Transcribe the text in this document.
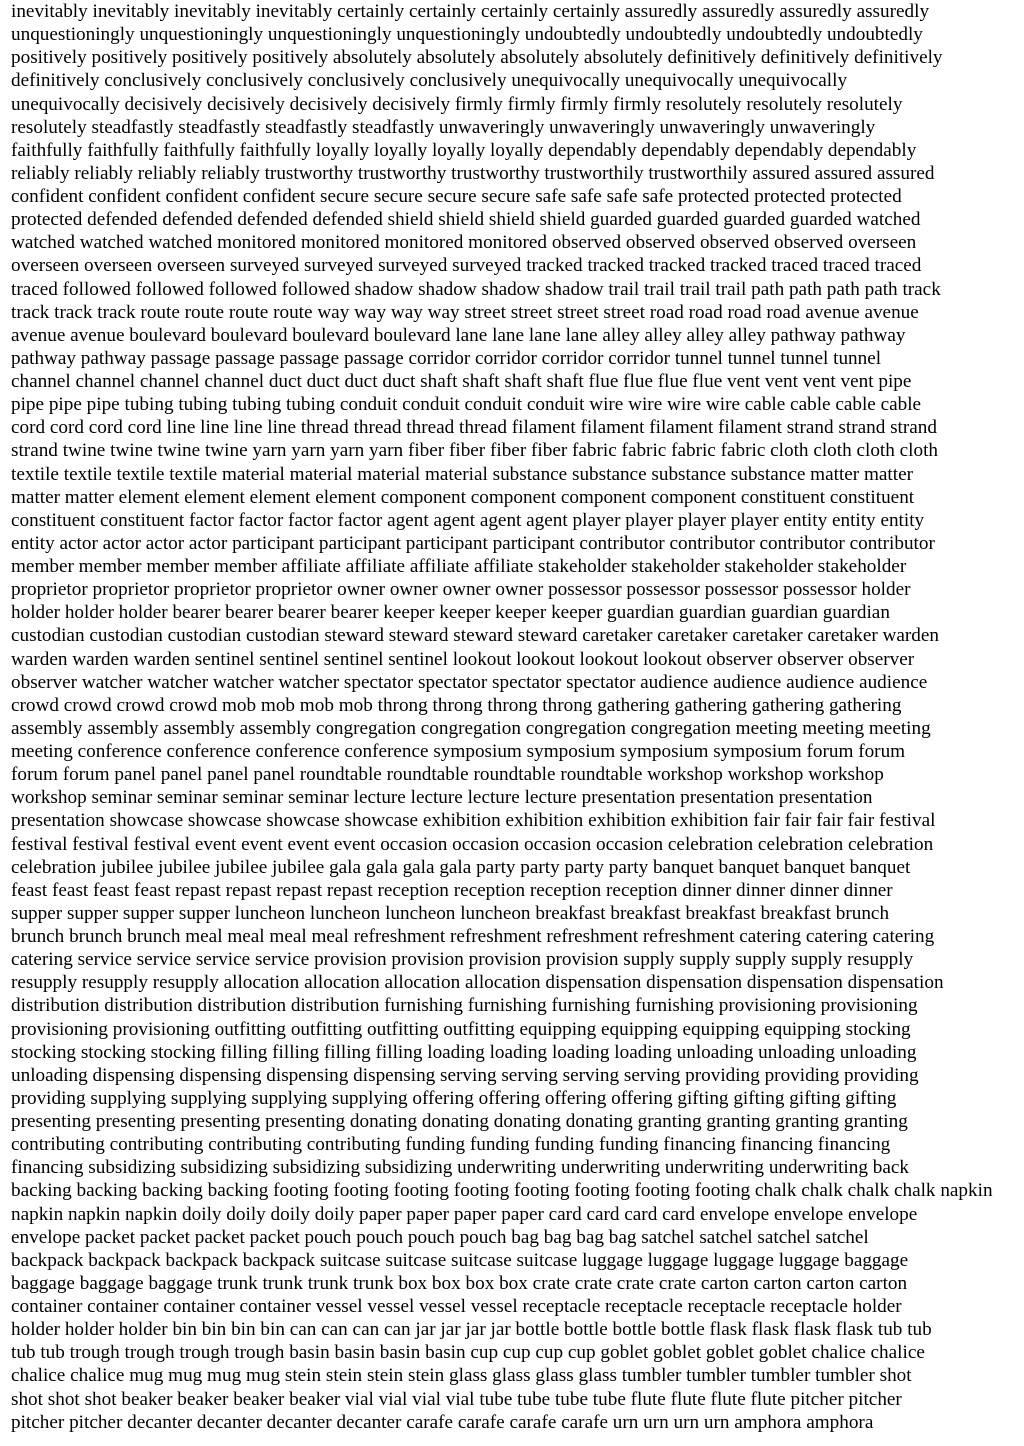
inevitably inevitably inevitably inevitably certainly certainly certainly certainly assuredly assuredly assuredly assuredly
unquestioningly unquestioningly unquestioningly unquestioningly undoubtedly undoubtedly undoubtedly undoubtedly
positively positively positively positively absolutely absolutely absolutely absolutely definitively definitively definitively
definitively conclusively conclusively conclusively conclusively unequivocally unequivocally unequivocally
unequivocally decisively decisively decisively decisively firmly firmly firmly firmly resolutely resolutely resolutely
resolutely steadfastly steadfastly steadfastly steadfastly unwaveringly unwaveringly unwaveringly unwaveringly
faithfully faithfully faithfully faithfully loyally loyally loyally loyally dependably dependably dependably dependably
reliably reliably reliably reliably trustworthy trustworthy trustworthy trustworthily trustworthily assured assured assured
confident confident confident confident secure secure secure secure safe safe safe safe protected protected protected
protected defended defended defended defended shield shield shield shield guarded guarded guarded guarded watched
watched watched watched monitored monitored monitored monitored observed observed observed observed overseen
overseen overseen overseen surveyed surveyed surveyed surveyed tracked tracked tracked tracked traced traced traced
traced followed followed followed followed shadow shadow shadow shadow trail trail trail trail path path path path track
track track track route route route route way way way way street street street street road road road road avenue avenue
avenue avenue boulevard boulevard boulevard boulevard lane lane lane lane alley alley alley alley pathway pathway
pathway pathway passage passage passage passage corridor corridor corridor corridor tunnel tunnel tunnel tunnel
channel channel channel channel duct duct duct duct shaft shaft shaft shaft flue flue flue flue vent vent vent vent pipe
pipe pipe pipe tubing tubing tubing tubing conduit conduit conduit conduit wire wire wire wire cable cable cable cable
cord cord cord cord line line line line thread thread thread thread filament filament filament filament strand strand strand
strand twine twine twine twine yarn yarn yarn yarn fiber fiber fiber fiber fabric fabric fabric fabric cloth cloth cloth cloth
textile textile textile textile material material material material substance substance substance substance matter matter
matter matter element element element element component component component component constituent constituent
constituent constituent factor factor factor factor agent agent agent agent player player player player entity entity entity
entity actor actor actor actor participant participant participant participant contributor contributor contributor contributor
member member member member affiliate affiliate affiliate affiliate stakeholder stakeholder stakeholder stakeholder
proprietor proprietor proprietor proprietor owner owner owner owner possessor possessor possessor possessor holder
holder holder holder bearer bearer bearer bearer keeper keeper keeper keeper guardian guardian guardian guardian
custodian custodian custodian custodian steward steward steward steward caretaker caretaker caretaker caretaker warden
warden warden warden sentinel sentinel sentinel sentinel lookout lookout lookout lookout observer observer observer
observer watcher watcher watcher watcher spectator spectator spectator spectator audience audience audience audience
crowd crowd crowd crowd mob mob mob mob throng throng throng throng gathering gathering gathering gathering
assembly assembly assembly assembly congregation congregation congregation congregation meeting meeting meeting
meeting conference conference conference conference symposium symposium symposium symposium forum forum
forum forum panel panel panel panel roundtable roundtable roundtable roundtable workshop workshop workshop
workshop seminar seminar seminar seminar lecture lecture lecture lecture presentation presentation presentation
presentation showcase showcase showcase showcase exhibition exhibition exhibition exhibition fair fair fair fair festival
festival festival festival event event event event occasion occasion occasion occasion celebration celebration celebration
celebration jubilee jubilee jubilee jubilee gala gala gala gala party party party party banquet banquet banquet banquet
feast feast feast feast repast repast repast repast reception reception reception reception dinner dinner dinner dinner
supper supper supper supper luncheon luncheon luncheon luncheon breakfast breakfast breakfast breakfast brunch
brunch brunch brunch meal meal meal meal refreshment refreshment refreshment refreshment catering catering catering
catering service service service service provision provision provision provision supply supply supply supply resupply
resupply resupply resupply allocation allocation allocation allocation dispensation dispensation dispensation dispensation
distribution distribution distribution distribution furnishing furnishing furnishing furnishing provisioning provisioning
provisioning provisioning outfitting outfitting outfitting outfitting equipping equipping equipping equipping stocking
stocking stocking stocking filling filling filling filling loading loading loading loading unloading unloading unloading
unloading dispensing dispensing dispensing dispensing serving serving serving serving providing providing providing
providing supplying supplying supplying supplying offering offering offering offering gifting gifting gifting gifting
presenting presenting presenting presenting donating donating donating donating granting granting granting granting
contributing contributing contributing contributing funding funding funding funding financing financing financing
financing subsidizing subsidizing subsidizing subsidizing underwriting underwriting underwriting underwriting back
backing backing backing backing footing footing footing footing footing footing footing footing chalk chalk chalk chalk napkin
napkin napkin napkin doily doily doily doily paper paper paper paper card card card card envelope envelope envelope
envelope packet packet packet packet pouch pouch pouch pouch bag bag bag bag satchel satchel satchel satchel
backpack backpack backpack backpack suitcase suitcase suitcase suitcase luggage luggage luggage luggage baggage
baggage baggage baggage trunk trunk trunk trunk box box box box crate crate crate crate carton carton carton carton
container container container container vessel vessel vessel vessel receptacle receptacle receptacle receptacle holder
holder holder holder bin bin bin bin can can can can jar jar jar jar bottle bottle bottle bottle flask flask flask flask tub tub
tub tub trough trough trough trough basin basin basin basin cup cup cup cup goblet goblet goblet goblet chalice chalice
chalice chalice mug mug mug mug stein stein stein stein glass glass glass glass tumbler tumbler tumbler tumbler shot
shot shot shot beaker beaker beaker beaker vial vial vial vial tube tube tube tube flute flute flute flute pitcher pitcher
pitcher pitcher decanter decanter decanter decanter carafe carafe carafe carafe urn urn urn urn amphora amphora
